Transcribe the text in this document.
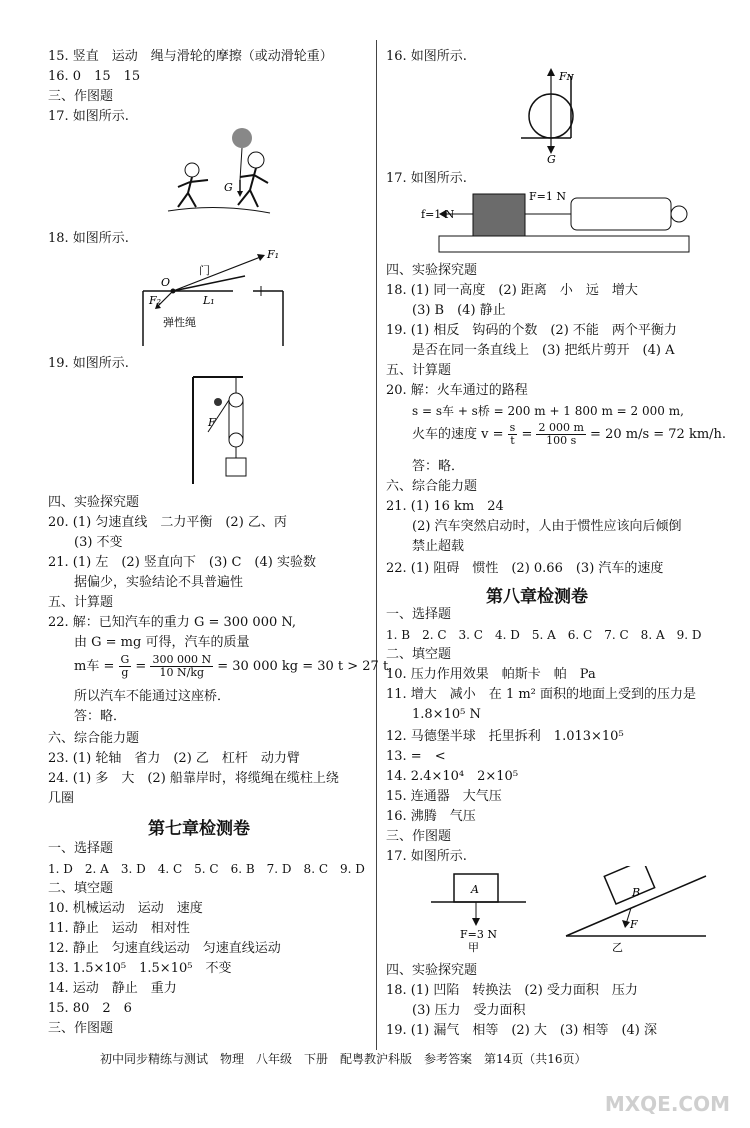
15. 竖直　运动　绳与滑轮的摩擦（或动滑轮重）
16. 0　15　15
三、作图题
17. 如图所示.
G
18. 如图所示.
O
F₁
F₂	L₁
门
弹性绳
19. 如图所示.
F
四、实验探究题
20. (1) 匀速直线　二力平衡　(2) 乙、丙
(3) 不变
21. (1) 左　(2) 竖直向下　(3) C　(4) 实验数
据偏少，实验结论不具普遍性
五、计算题
22. 解：已知汽车的重力 G = 300 000 N,
由 G = mg 可得，汽车的质量
m车 = $\frac{G}{g} = \frac{300 000 N}{10 N/kg} = 30$ 000 kg = 30 t > 27 t,
所以汽车不能通过这座桥．
答：略．
六、综合能力题
23. (1) 轮轴　省力　(2) 乙　杠杆　动力臂
24. (1) 多　大　(2) 船靠岸时，将缆绳在缆柱上绕
几圈
第七章检测卷
一、选择题
1. D　2. A　3. D　4. C　5. C　6. B　7. D　8. C　9. D
二、填空题
10. 机械运动　运动　速度
11. 静止　运动　相对性
12. 静止　匀速直线运动　匀速直线运动
13. 1.5×10⁵　1.5×10⁵　不变
14. 运动　静止　重力
15. 80　2　6
三、作图题
16. 如图所示.
Fɴ
G
17. 如图所示.
f=1 N
F=1 N
四、实验探究题
18. (1) 同一高度　(2) 距离　小　远　增大
(3) B　(4) 静止
19. (1) 相反　钩码的个数　(2) 不能　两个平衡力
是否在同一条直线上　(3) 把纸片剪开　(4) A
五、计算题
20. 解：火车通过的路程
s = s车 + s桥 = 200 m + 1 800 m = 2 000 m,
火车的速度 $v = \frac{s}{t} = \frac{2 000 m}{100 s} = 20$ m/s = 72 km/h.
答：略．
六、综合能力题
21. (1) 16 km　24
(2) 汽车突然启动时，人由于惯性应该向后倾倒
禁止超载
22. (1) 阻碍　惯性　(2) 0.66　(3) 汽车的速度
第八章检测卷
一、选择题
1. B　2. C　3. C　4. D　5. A　6. C　7. C　8. A　9. D
二、填空题
10. 压力作用效果　帕斯卡　帕　Pa
11. 增大　减小　在 1 m² 面积的地面上受到的压力是
1.8×10⁵ N
12. 马德堡半球　托里拆利　1.013×10⁵
13. =　<
14. 2.4×10⁴　2×10⁵
15. 连通器　大气压
16. 沸腾　气压
三、作图题
17. 如图所示.
A
F=3 N
甲
B
F
乙
四、实验探究题
18. (1) 凹陷　转换法　(2) 受力面积　压力
(3) 压力　受力面积
19. (1) 漏气　相等　(2) 大　(3) 相等　(4) 深
初中同步精练与测试　物理　八年级　下册　配粤教沪科版　参考答案　第14页（共16页）
MXQE.COM
